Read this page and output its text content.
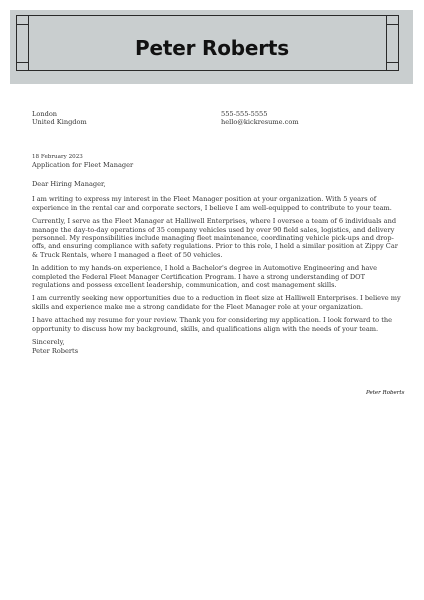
Peter Roberts
London
United Kingdom
555-555-5555
hello@kickresume.com
18 February 2023
Application for Fleet Manager

Dear Hiring Manager,

I am writing to express my interest in the Fleet Manager position at your organization. With 5 years of experience in the rental car and corporate sectors, I believe I am well-equipped to contribute to your team.

Currently, I serve as the Fleet Manager at Halliwell Enterprises, where I oversee a team of 6 individuals and manage the day-to-day operations of 35 company vehicles used by over 90 field sales, logistics, and delivery personnel. My responsibilities include managing fleet maintenance, coordinating vehicle pick-ups and drop-offs, and ensuring compliance with safety regulations. Prior to this role, I held a similar position at Zippy Car & Truck Rentals, where I managed a fleet of 50 vehicles.

In addition to my hands-on experience, I hold a Bachelor's degree in Automotive Engineering and have completed the Federal Fleet Manager Certification Program. I have a strong understanding of DOT regulations and possess excellent leadership, communication, and cost management skills.

I am currently seeking new opportunities due to a reduction in fleet size at Halliwell Enterprises. I believe my skills and experience make me a strong candidate for the Fleet Manager role at your organization.

I have attached my resume for your review. Thank you for considering my application. I look forward to the opportunity to discuss how my background, skills, and qualifications align with the needs of your team.

Sincerely,
Peter Roberts
Peter Roberts
